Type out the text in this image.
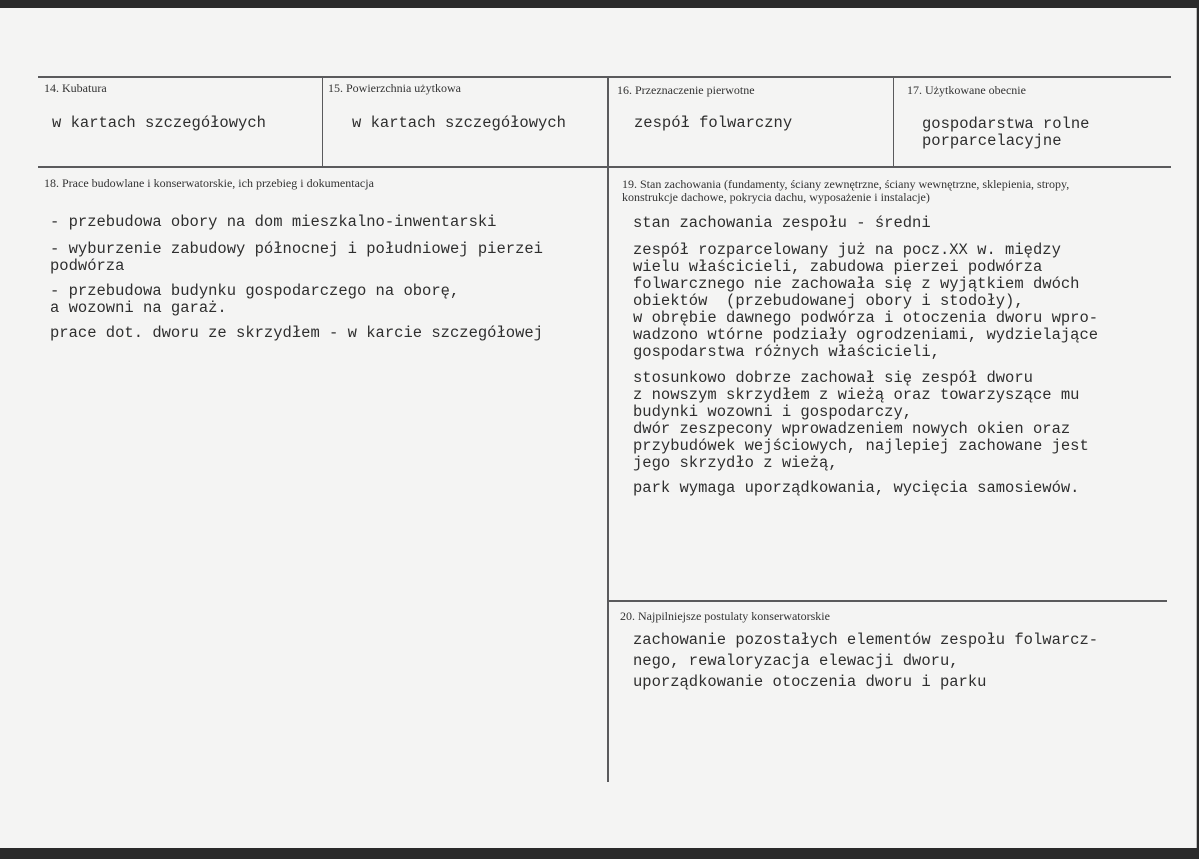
14. Kubatura
w kartach szczegółowych
15. Powierzchnia użytkowa
w kartach szczegółowych
16. Przeznaczenie pierwotne
zespół folwarczny
17. Użytkowane obecnie
gospodarstwa rolne
porparcelacyjne
18. Prace budowlane i konserwatorskie, ich przebieg i dokumentacja
- przebudowa obory na dom mieszkalno-inwentarski
- wyburzenie zabudowy północnej i południowej pierzei
podwórza
- przebudowa budynku gospodarczego na oborę,
a wozowni na garaż.
prace dot. dworu ze skrzydłem - w karcie szczegółowej
19. Stan zachowania (fundamenty, ściany zewnętrzne, ściany wewnętrzne, sklepienia, stropy,
konstrukcje dachowe, pokrycia dachu, wyposażenie i instalacje)
stan zachowania zespołu - średni
zespół rozparcelowany już na pocz.XX w. między
wielu właścicieli, zabudowa pierzei podwórza
folwarcznego nie zachowała się z wyjątkiem dwóch
obiektów  (przebudowanej obory i stodoły),
w obrębie dawnego podwórza i otoczenia dworu wpro-
wadzono wtórne podziały ogrodzeniami, wydzielające
gospodarstwa różnych właścicieli,
stosunkowo dobrze zachował się zespół dworu
z nowszym skrzydłem z wieżą oraz towarzyszące mu
budynki wozowni i gospodarczy,
dwór zeszpecony wprowadzeniem nowych okien oraz
przybudówek wejściowych, najlepiej zachowane jest
jego skrzydło z wieżą,
park wymaga uporządkowania, wycięcia samosiewów.
20. Najpilniejsze postulaty konserwatorskie
zachowanie pozostałych elementów zespołu folwarcz-
nego, rewaloryzacja elewacji dworu,
uporządkowanie otoczenia dworu i parku
